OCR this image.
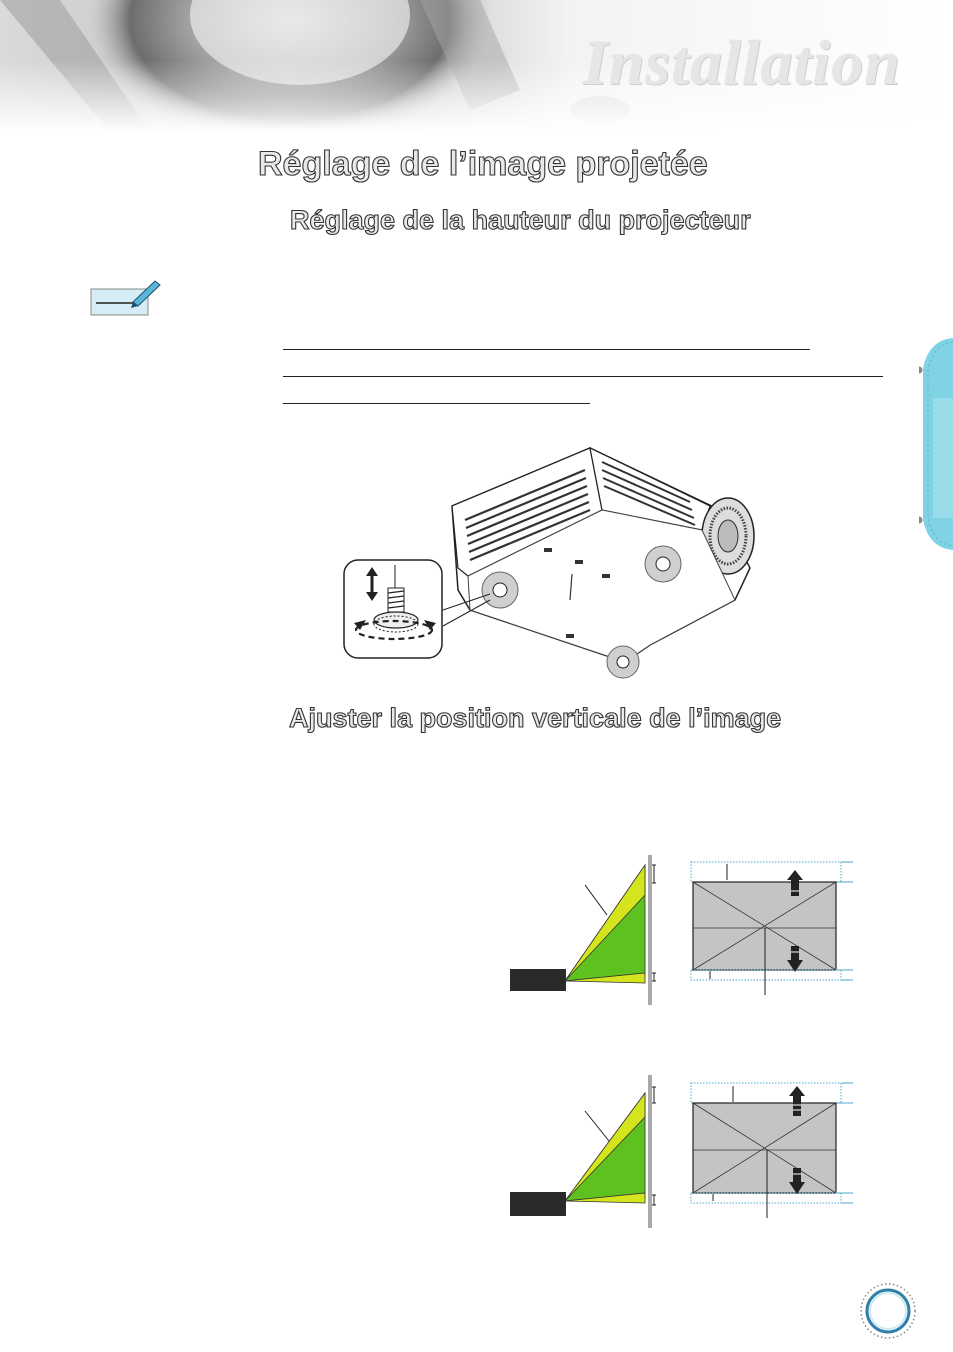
Installation
Réglage de l’image projetée
Réglage de la hauteur du projecteur
Ajuster la position verticale de l’image
